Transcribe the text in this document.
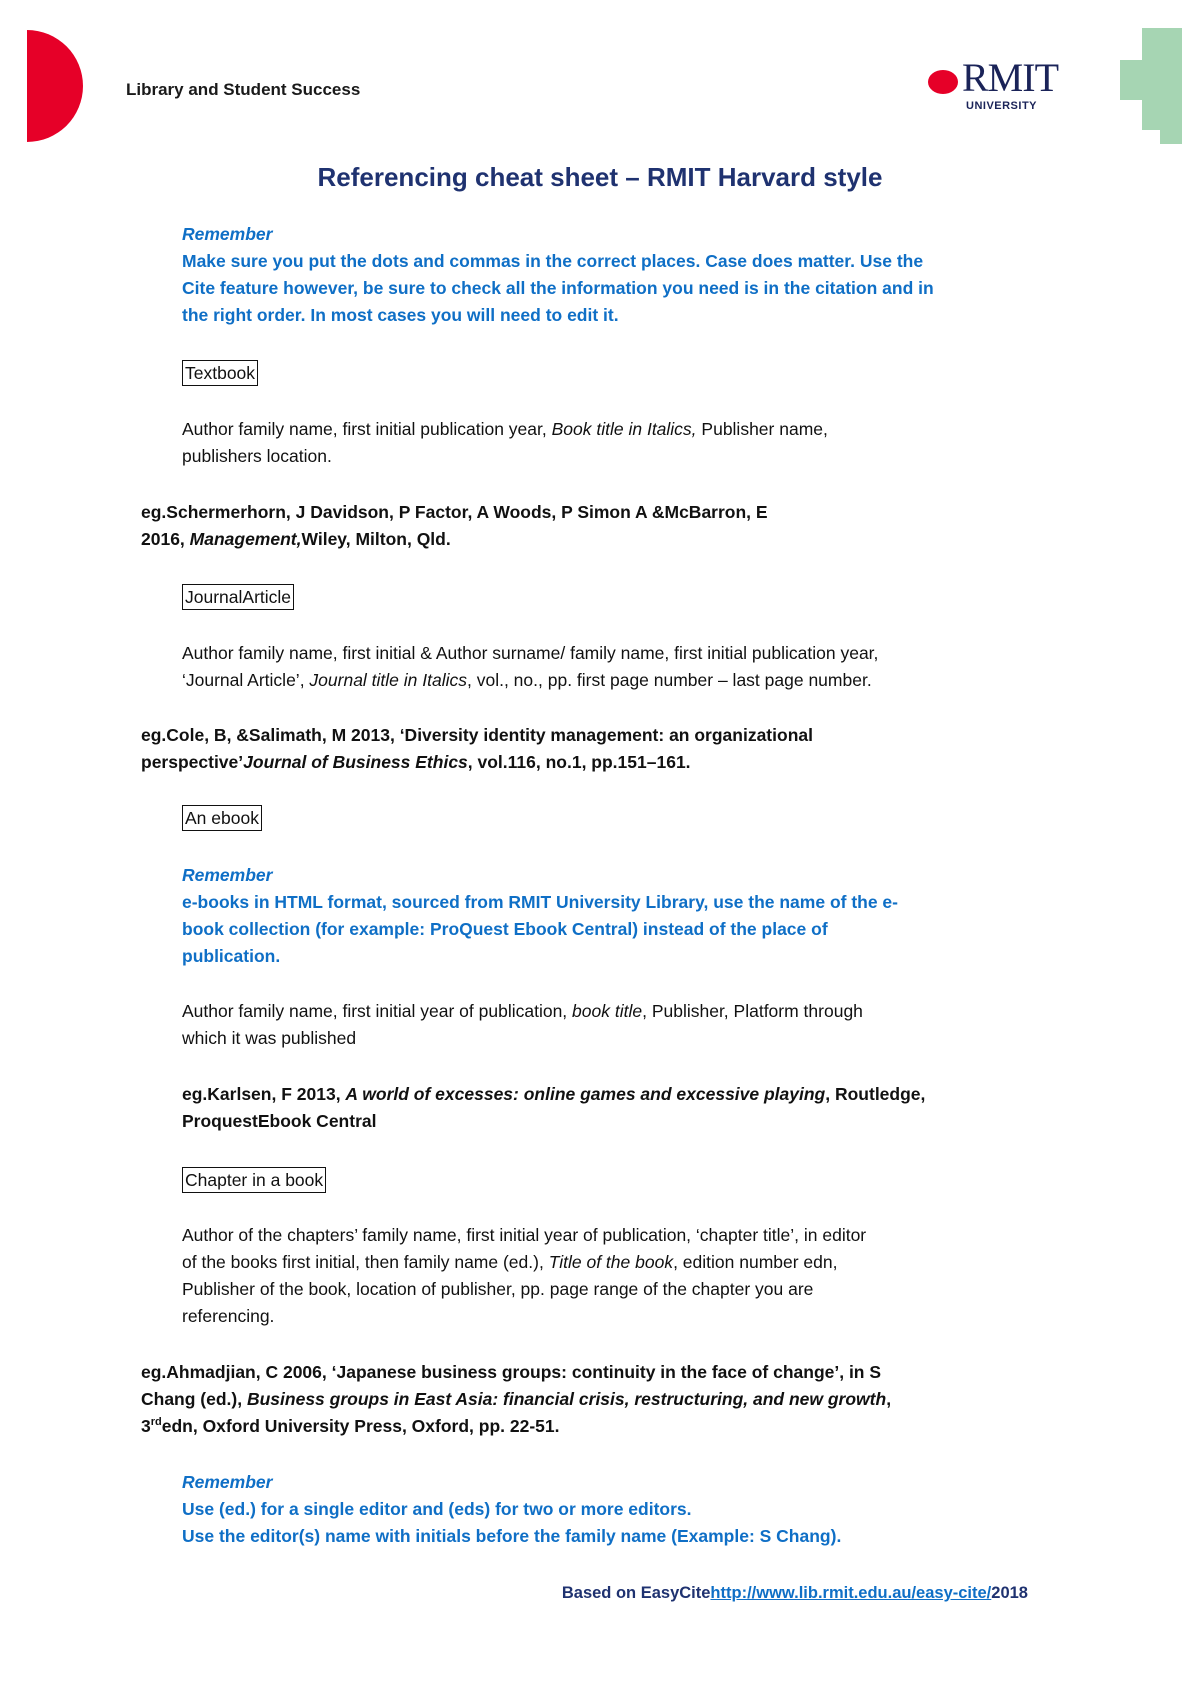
Library and Student Success	RMIT
UNIVERSITY
Referencing cheat sheet – RMIT Harvard style
Remember
Make sure you put the dots and commas in the correct places. Case does matter. Use the
Cite feature however, be sure to check all the information you need is in the citation and in
the right order. In most cases you will need to edit it.
Textbook
Author family name, first initial publication year, Book title in Italics, Publisher name,
publishers location.
eg.Schermerhorn, J Davidson, P Factor, A Woods, P Simon A &McBarron, E
2016, Management,Wiley, Milton, Qld.
JournalArticle
Author family name, first initial & Author surname/ family name, first initial publication year,
‘Journal Article’, Journal title in Italics, vol., no., pp. first page number – last page number.
eg.Cole, B, &Salimath, M 2013, ‘Diversity identity management: an organizational
perspective’Journal of Business Ethics, vol.116, no.1, pp.151–161.
An ebook
Remember
e-books in HTML format, sourced from RMIT University Library, use the name of the e-
book collection (for example: ProQuest Ebook Central) instead of the place of
publication.
Author family name, first initial year of publication, book title, Publisher, Platform through
which it was published
eg.Karlsen, F 2013, A world of excesses: online games and excessive playing, Routledge,
ProquestEbook Central
Chapter in a book
Author of the chapters’ family name, first initial year of publication, ‘chapter title’, in editor
of the books first initial, then family name (ed.), Title of the book, edition number edn,
Publisher of the book, location of publisher, pp. page range of the chapter you are
referencing.
eg.Ahmadjian, C 2006, ‘Japanese business groups: continuity in the face of change’, in S
Chang (ed.), Business groups in East Asia: financial crisis, restructuring, and new growth,
3rdedn, Oxford University Press, Oxford, pp. 22-51.
Remember
Use (ed.) for a single editor and (eds) for two or more editors.
Use the editor(s) name with initials before the family name (Example: S Chang).
Based on EasyCitehttp://www.lib.rmit.edu.au/easy-cite/2018
